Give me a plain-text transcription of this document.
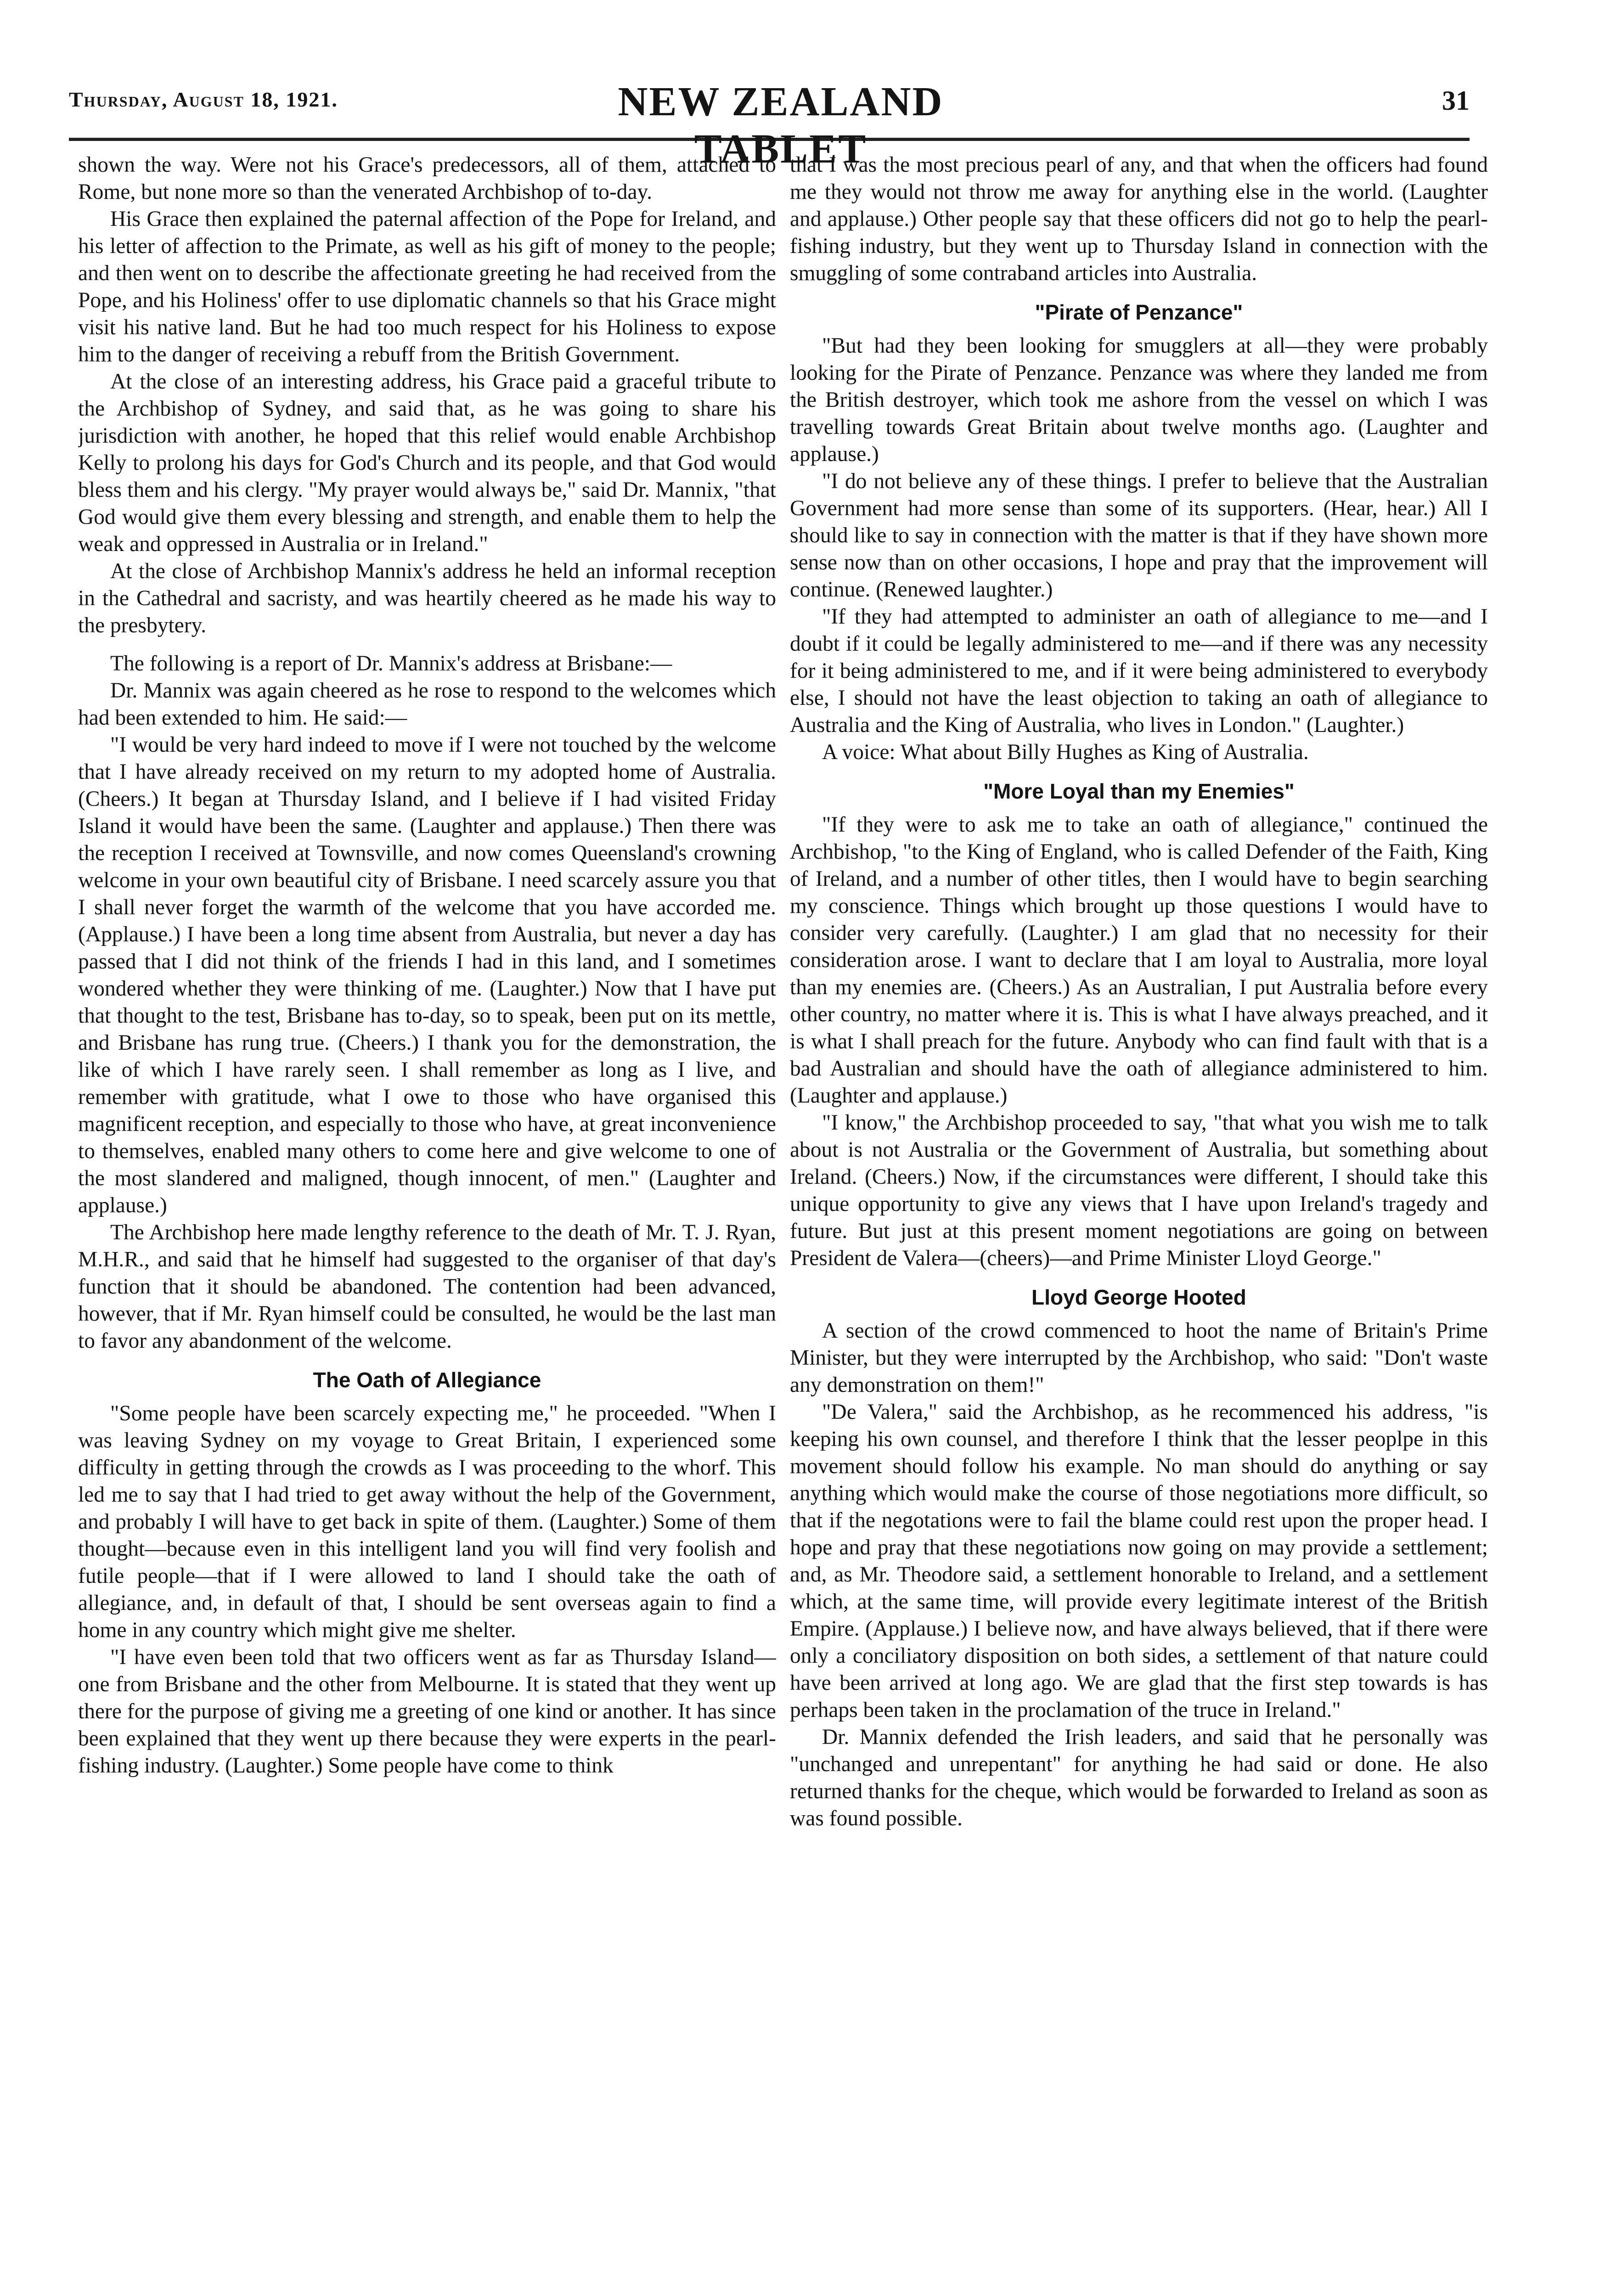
Thursday, August 18, 1921.	NEW ZEALAND TABLET
31

shown the way. Were not his Grace's predecessors, all of them, attached to Rome, but none more so than the venerated Archbishop of to-day.

His Grace then explained the paternal affection of the Pope for Ireland, and his letter of affection to the Primate, as well as his gift of money to the people; and then went on to describe the affectionate greeting he had received from the Pope, and his Holiness' offer to use diplomatic channels so that his Grace might visit his native land. But he had too much respect for his Holiness to expose him to the danger of receiving a rebuff from the British Government.

At the close of an interesting address, his Grace paid a graceful tribute to the Archbishop of Sydney, and said that, as he was going to share his jurisdiction with another, he hoped that this relief would enable Archbishop Kelly to prolong his days for God's Church and its people, and that God would bless them and his clergy. "My prayer would always be," said Dr. Mannix, "that God would give them every blessing and strength, and enable them to help the weak and oppressed in Australia or in Ireland."

At the close of Archbishop Mannix's address he held an informal reception in the Cathedral and sacristy, and was heartily cheered as he made his way to the presbytery.

The following is a report of Dr. Mannix's address at Brisbane:—

Dr. Mannix was again cheered as he rose to respond to the welcomes which had been extended to him. He said:—

"I would be very hard indeed to move if I were not touched by the welcome that I have already received on my return to my adopted home of Australia. (Cheers.) It began at Thursday Island, and I believe if I had visited Friday Island it would have been the same. (Laughter and applause.) Then there was the reception I received at Townsville, and now comes Queensland's crowning welcome in your own beautiful city of Brisbane. I need scarcely assure you that I shall never forget the warmth of the welcome that you have accorded me. (Applause.) I have been a long time absent from Australia, but never a day has passed that I did not think of the friends I had in this land, and I sometimes wondered whether they were thinking of me. (Laughter.) Now that I have put that thought to the test, Brisbane has to-day, so to speak, been put on its mettle, and Brisbane has rung true. (Cheers.) I thank you for the demonstration, the like of which I have rarely seen. I shall remember as long as I live, and remember with gratitude, what I owe to those who have organised this magnificent reception, and especially to those who have, at great inconvenience to themselves, enabled many others to come here and give welcome to one of the most slandered and maligned, though innocent, of men." (Laughter and applause.)

The Archbishop here made lengthy reference to the death of Mr. T. J. Ryan, M.H.R., and said that he himself had suggested to the organiser of that day's function that it should be abandoned. The contention had been advanced, however, that if Mr. Ryan himself could be consulted, he would be the last man to favor any abandonment of the welcome.

The Oath of Allegiance

"Some people have been scarcely expecting me," he proceeded. "When I was leaving Sydney on my voyage to Great Britain, I experienced some difficulty in getting through the crowds as I was proceeding to the whorf. This led me to say that I had tried to get away without the help of the Government, and probably I will have to get back in spite of them. (Laughter.) Some of them thought—because even in this intelligent land you will find very foolish and futile people—that if I were allowed to land I should take the oath of allegiance, and, in default of that, I should be sent overseas again to find a home in any country which might give me shelter.

"I have even been told that two officers went as far as Thursday Island—one from Brisbane and the other from Melbourne. It is stated that they went up there for the purpose of giving me a greeting of one kind or another. It has since been explained that they went up there because they were experts in the pearl-fishing industry. (Laughter.) Some people have come to think

that I was the most precious pearl of any, and that when the officers had found me they would not throw me away for anything else in the world. (Laughter and applause.) Other people say that these officers did not go to help the pearl-fishing industry, but they went up to Thursday Island in connection with the smuggling of some contraband articles into Australia.

"Pirate of Penzance"

"But had they been looking for smugglers at all—they were probably looking for the Pirate of Penzance. Penzance was where they landed me from the British destroyer, which took me ashore from the vessel on which I was travelling towards Great Britain about twelve months ago. (Laughter and applause.)

"I do not believe any of these things. I prefer to believe that the Australian Government had more sense than some of its supporters. (Hear, hear.) All I should like to say in connection with the matter is that if they have shown more sense now than on other occasions, I hope and pray that the improvement will continue. (Renewed laughter.)

"If they had attempted to administer an oath of allegiance to me—and I doubt if it could be legally administered to me—and if there was any necessity for it being administered to me, and if it were being administered to everybody else, I should not have the least objection to taking an oath of allegiance to Australia and the King of Australia, who lives in London." (Laughter.)

A voice: What about Billy Hughes as King of Australia.

"More Loyal than my Enemies"

"If they were to ask me to take an oath of allegiance," continued the Archbishop, "to the King of England, who is called Defender of the Faith, King of Ireland, and a number of other titles, then I would have to begin searching my conscience. Things which brought up those questions I would have to consider very carefully. (Laughter.) I am glad that no necessity for their consideration arose. I want to declare that I am loyal to Australia, more loyal than my enemies are. (Cheers.) As an Australian, I put Australia before every other country, no matter where it is. This is what I have always preached, and it is what I shall preach for the future. Anybody who can find fault with that is a bad Australian and should have the oath of allegiance administered to him. (Laughter and applause.)

"I know," the Archbishop proceeded to say, "that what you wish me to talk about is not Australia or the Government of Australia, but something about Ireland. (Cheers.) Now, if the circumstances were different, I should take this unique opportunity to give any views that I have upon Ireland's tragedy and future. But just at this present moment negotiations are going on between President de Valera—(cheers)—and Prime Minister Lloyd George."

Lloyd George Hooted

A section of the crowd commenced to hoot the name of Britain's Prime Minister, but they were interrupted by the Archbishop, who said: "Don't waste any demonstration on them!"

"De Valera," said the Archbishop, as he recommenced his address, "is keeping his own counsel, and therefore I think that the lesser peoplpe in this movement should follow his example. No man should do anything or say anything which would make the course of those negotiations more difficult, so that if the negotations were to fail the blame could rest upon the proper head. I hope and pray that these negotiations now going on may provide a settlement; and, as Mr. Theodore said, a settlement honorable to Ireland, and a settlement which, at the same time, will provide every legitimate interest of the British Empire. (Applause.) I believe now, and have always believed, that if there were only a conciliatory disposition on both sides, a settlement of that nature could have been arrived at long ago. We are glad that the first step towards is has perhaps been taken in the proclamation of the truce in Ireland."

Dr. Mannix defended the Irish leaders, and said that he personally was "unchanged and unrepentant" for anything he had said or done. He also returned thanks for the cheque, which would be forwarded to Ireland as soon as was found possible.
